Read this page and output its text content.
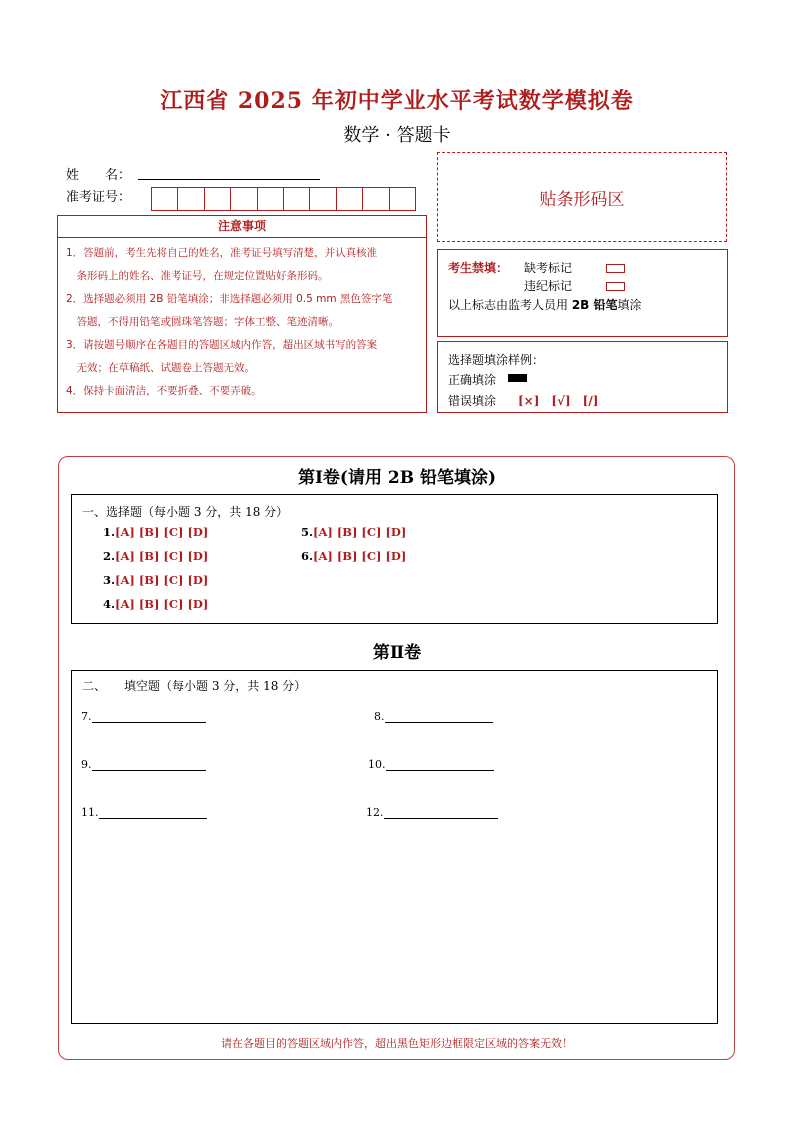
江西省 2025 年初中学业水平考试数学模拟卷
数学 · 答题卡
姓　　名：
准考证号：	贴条形码区
注意事项
1．答题前，考生先将自己的姓名，准考证号填写清楚，并认真核准
　条形码上的姓名、准考证号，在规定位置贴好条形码。
2．选择题必须用 2B 铅笔填涂；非选择题必须用 0.5 mm 黑色签字笔
　答题，不得用铅笔或圆珠笔答题；字体工整、笔迹清晰。
3．请按题号顺序在各题目的答题区域内作答，超出区域书写的答案
　无效；在草稿纸、试题卷上答题无效。
4．保持卡面清洁，不要折叠、不要弄破。
考生禁填： 缺考标记
违纪标记
以上标志由监考人员用 2B 铅笔填涂
选择题填涂样例：
正确填涂
错误填涂 [×]　[√]　[/]
第Ⅰ卷(请用 2B 铅笔填涂)
一、选择题（每小题 3 分，共 18 分）
1.[A] [B] [C] [D]
2.[A] [B] [C] [D]
3.[A] [B] [C] [D]
4.[A] [B] [C] [D]
5.[A] [B] [C] [D]
6.[A] [B] [C] [D]
第Ⅱ卷
二、　　填空题（每小题 3 分，共 18 分）
7.	8.
9.	10.
11.	12.
请在各题目的答题区域内作答，超出黑色矩形边框限定区域的答案无效！
